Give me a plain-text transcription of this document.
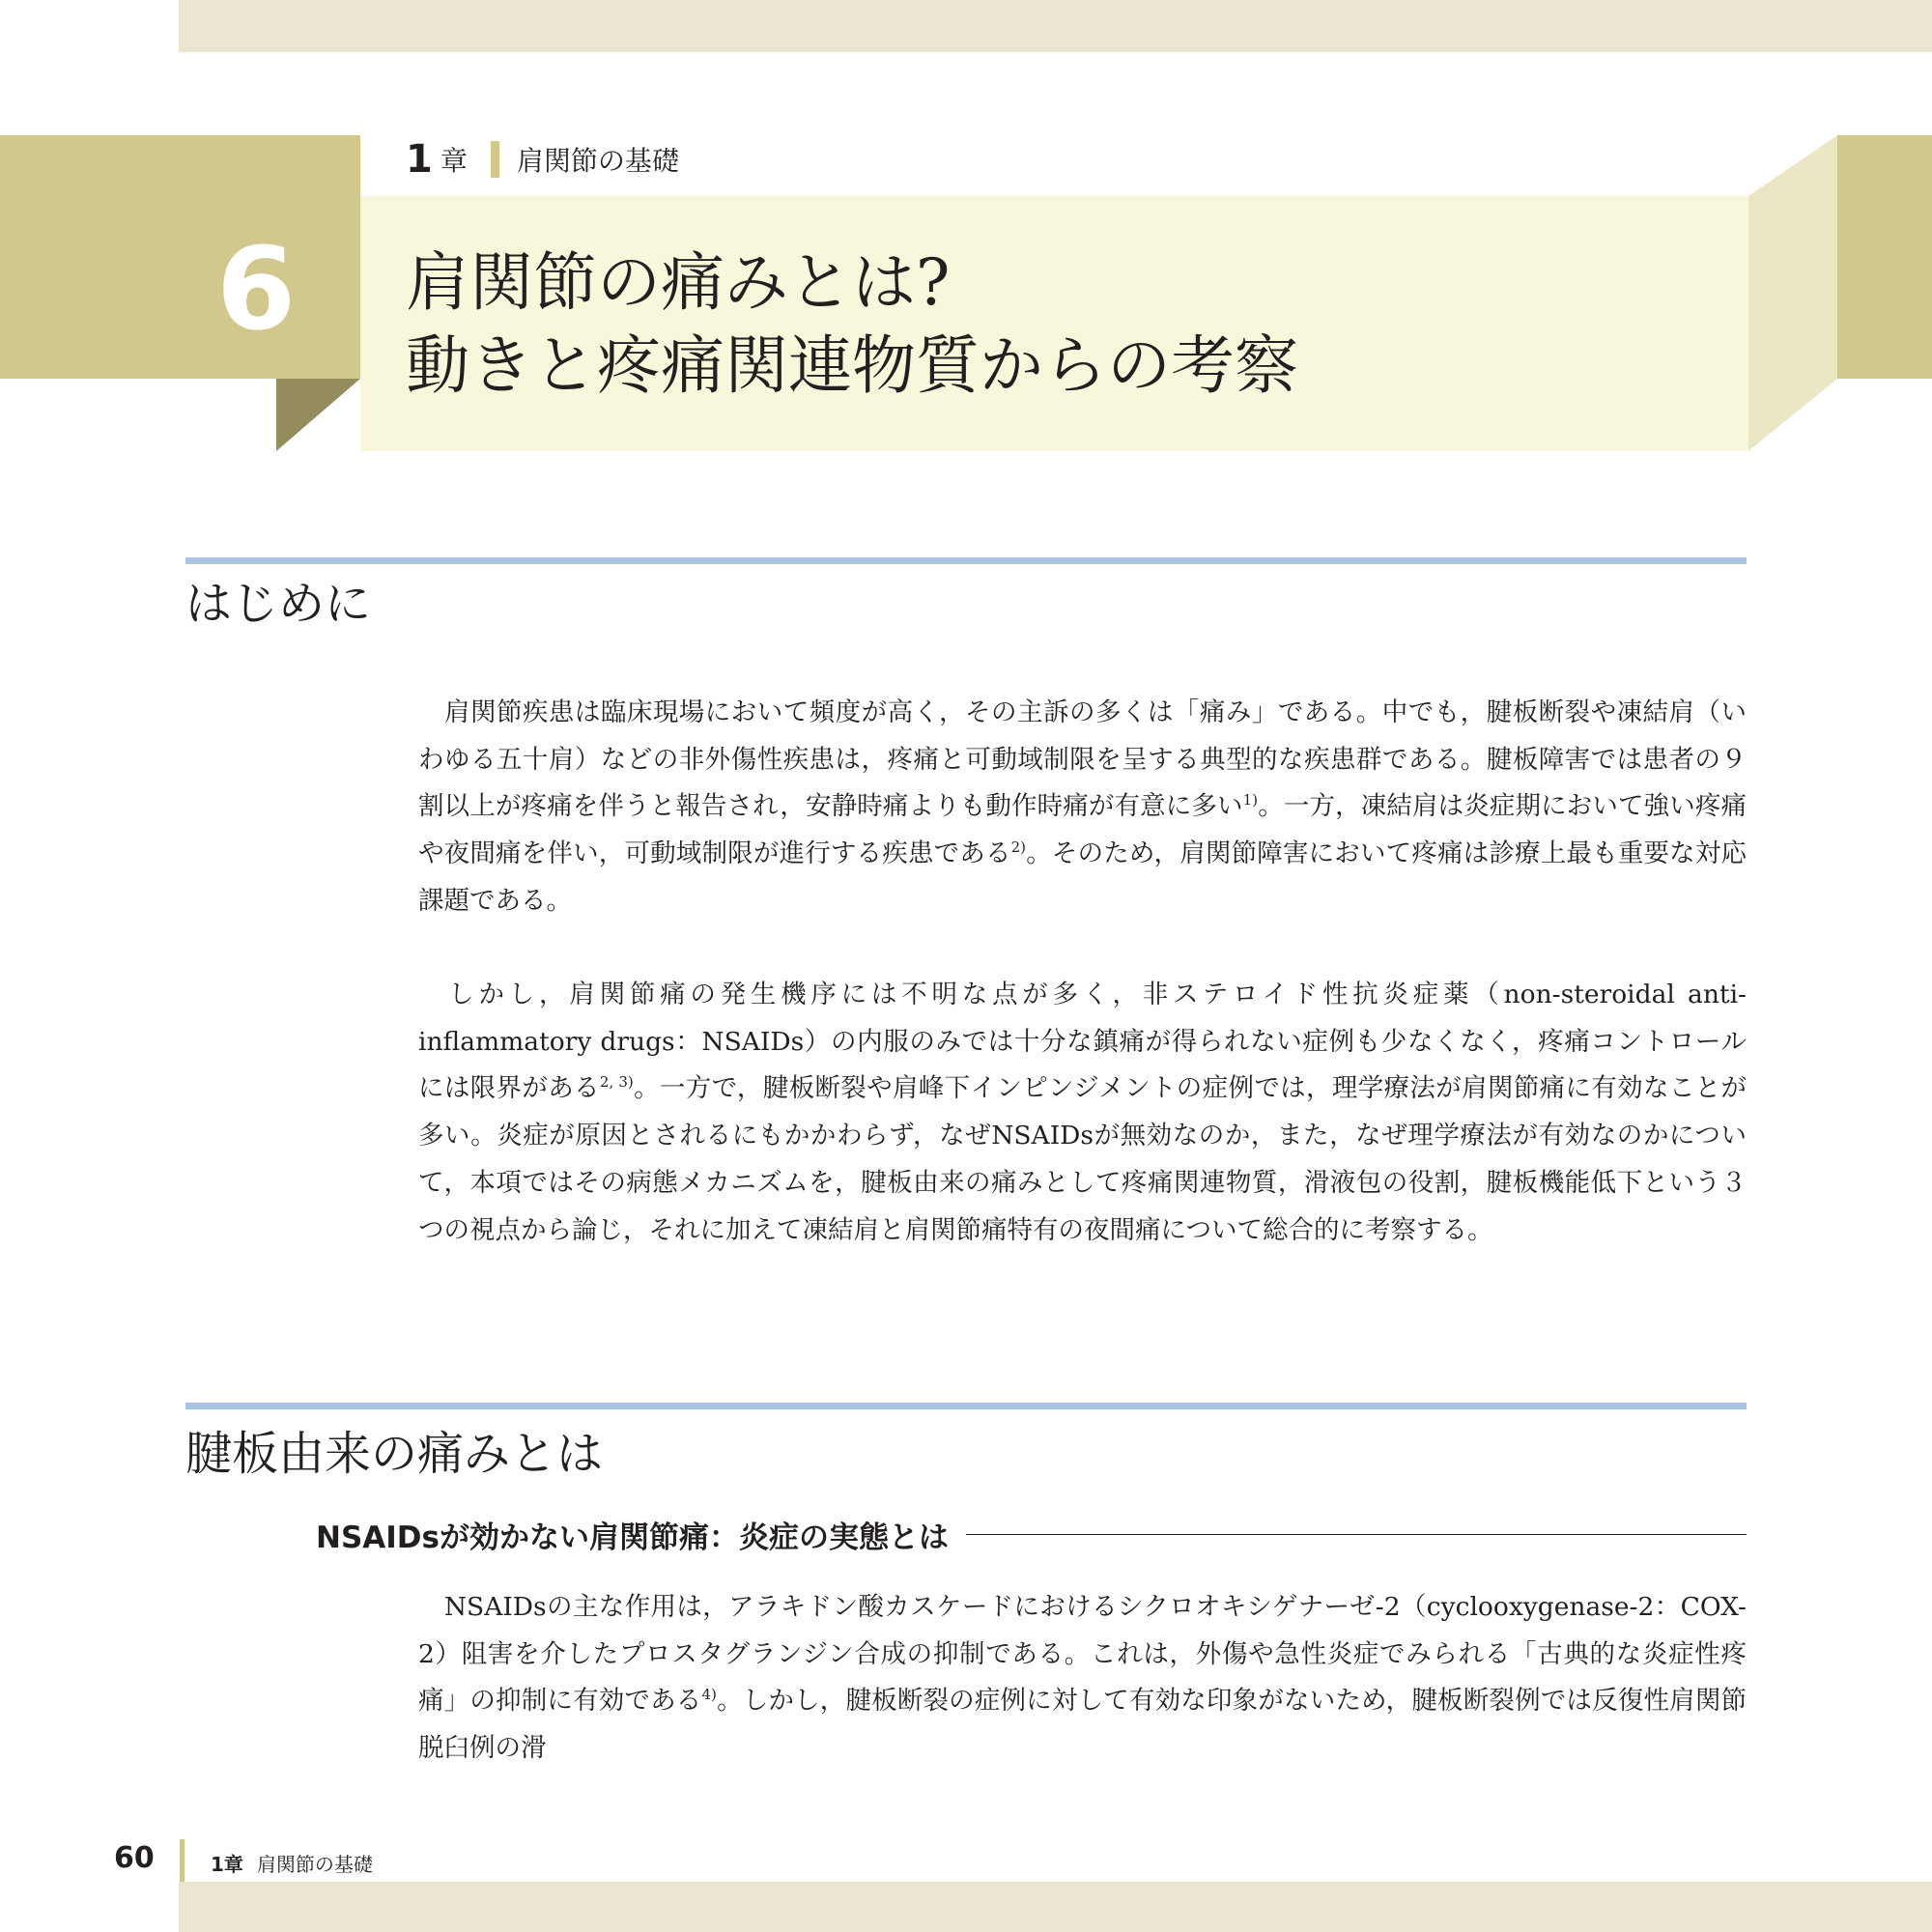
1 章 肩関節の基礎
6 肩関節の痛みとは?
動きと疼痛関連物質からの考察
はじめに
　肩関節疾患は臨床現場において頻度が高く，その主訴の多くは「痛み」である。中でも，腱板断裂や凍結肩（いわゆる五十肩）などの非外傷性疾患は，疼痛と可動域制限を呈する典型的な疾患群である。腱板障害では患者の９割以上が疼痛を伴うと報告され，安静時痛よりも動作時痛が有意に多い$^{1)}$。一方，凍結肩は炎症期において強い疼痛や夜間痛を伴い，可動域制限が進行する疾患である$^{2)}$。そのため，肩関節障害において疼痛は診療上最も重要な対応課題である。
　しかし，肩関節痛の発生機序には不明な点が多く，非ステロイド性抗炎症薬（non-steroidal anti-inflammatory drugs：NSAIDs）の内服のみでは十分な鎮痛が得られない症例も少なくなく，疼痛コントロールには限界がある$^{2, 3)}$。一方で，腱板断裂や肩峰下インピンジメントの症例では，理学療法が肩関節痛に有効なことが多い。炎症が原因とされるにもかかわらず，なぜNSAIDsが無効なのか，また，なぜ理学療法が有効なのかについて，本項ではその病態メカニズムを，腱板由来の痛みとして疼痛関連物質，滑液包の役割，腱板機能低下という３つの視点から論じ，それに加えて凍結肩と肩関節痛特有の夜間痛について総合的に考察する。
腱板由来の痛みとは
NSAIDsが効かない肩関節痛：炎症の実態とは
　NSAIDsの主な作用は，アラキドン酸カスケードにおけるシクロオキシゲナーゼ-2（cyclooxygenase-2：COX-2）阻害を介したプロスタグランジン合成の抑制である。これは，外傷や急性炎症でみられる「古典的な炎症性疼痛」の抑制に有効である$^{4)}$。しかし，腱板断裂の症例に対して有効な印象がないため，腱板断裂例では反復性肩関節脱臼例の滑
60	1章 肩関節の基礎
